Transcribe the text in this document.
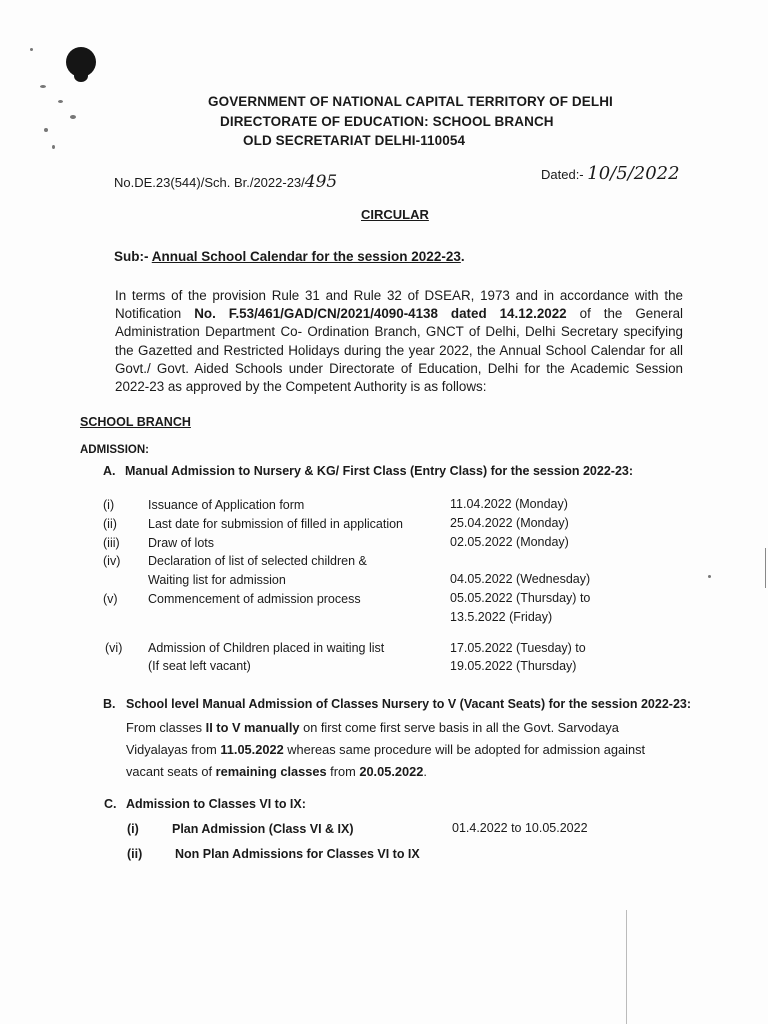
GOVERNMENT OF NATIONAL CAPITAL TERRITORY OF DELHI
DIRECTORATE OF EDUCATION: SCHOOL BRANCH
OLD SECRETARIAT DELHI-110054
No.DE.23(544)/Sch. Br./2022-23/495	Dated:- 10/5/2022
CIRCULAR
Sub:- Annual School Calendar for the session 2022-23.
In terms of the provision Rule 31 and Rule 32 of DSEAR, 1973 and in accordance with the Notification No. F.53/461/GAD/CN/2021/4090-4138 dated 14.12.2022 of the General Administration Department Co- Ordination Branch, GNCT of Delhi, Delhi Secretary specifying the Gazetted and Restricted Holidays during the year 2022, the Annual School Calendar for all Govt./ Govt. Aided Schools under Directorate of Education, Delhi for the Academic Session 2022-23 as approved by the Competent Authority is as follows:
SCHOOL BRANCH
ADMISSION:
A. Manual Admission to Nursery & KG/ First Class (Entry Class) for the session 2022-23:
(i)	Issuance of Application form	11.04.2022 (Monday)
(ii) Last date for submission of filled in application	25.04.2022 (Monday)
(iii) Draw of lots	02.05.2022 (Monday)
(iv) Declaration of list of selected children &
Waiting list for admission	04.05.2022 (Wednesday)
(v) Commencement of admission process	05.05.2022 (Thursday) to
13.5.2022 (Friday)
(vi) Admission of Children placed in waiting list
(If seat left vacant)
17.05.2022 (Tuesday) to
19.05.2022 (Thursday)
B. School level Manual Admission of Classes Nursery to V (Vacant Seats) for the session 2022-23:
From classes II to V manually on first come first serve basis in all the Govt. Sarvodaya Vidyalayas from 11.05.2022 whereas same procedure will be adopted for admission against vacant seats of remaining classes from 20.05.2022.
C. Admission to Classes VI to IX:
(i)	Plan Admission (Class VI & IX)	01.4.2022 to 10.05.2022
(ii)	Non Plan Admissions for Classes VI to IX
